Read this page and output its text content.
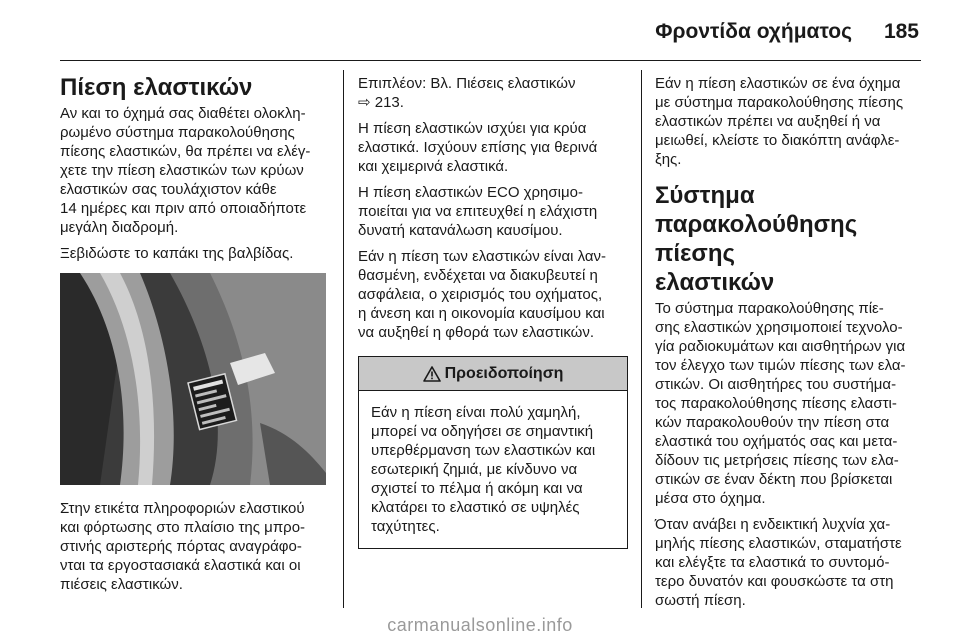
Φροντίδα οχήματος 185
Πίεση ελαστικών
Αν και το όχημά σας διαθέτει ολοκλη-
ρωμένο σύστημα παρακολούθησης
πίεσης ελαστικών, θα πρέπει να ελέγ-
χετε την πίεση ελαστικών των κρύων
ελαστικών σας τουλάχιστον κάθε
14 ημέρες και πριν από οποιαδήποτε
μεγάλη διαδρομή.
Ξεβιδώστε το καπάκι της βαλβίδας.
Στην ετικέτα πληροφοριών ελαστικού
και φόρτωσης στο πλαίσιο της μπρο-
στινής αριστερής πόρτας αναγράφο-
νται τα εργοστασιακά ελαστικά και οι
πιέσεις ελαστικών.
Επιπλέον: Βλ. Πιέσεις ελαστικών
⇨ 213.
Η πίεση ελαστικών ισχύει για κρύα
ελαστικά. Ισχύουν επίσης για θερινά
και χειμερινά ελαστικά.
Η πίεση ελαστικών ECO χρησιμο-
ποιείται για να επιτευχθεί η ελάχιστη
δυνατή κατανάλωση καυσίμου.
Εάν η πίεση των ελαστικών είναι λαν-
θασμένη, ενδέχεται να διακυβευτεί η
ασφάλεια, ο χειρισμός του οχήματος,
η άνεση και η οικονομία καυσίμου και
να αυξηθεί η φθορά των ελαστικών.
Προειδοποίηση
Εάν η πίεση είναι πολύ χαμηλή,
μπορεί να οδηγήσει σε σημαντική
υπερθέρμανση των ελαστικών και
εσωτερική ζημιά, με κίνδυνο να
σχιστεί το πέλμα ή ακόμη και να
κλατάρει το ελαστικό σε υψηλές
ταχύτητες.
Εάν η πίεση ελαστικών σε ένα όχημα
με σύστημα παρακολούθησης πίεσης
ελαστικών πρέπει να αυξηθεί ή να
μειωθεί, κλείστε το διακόπτη ανάφλε-
ξης.
Σύστημα
παρακολούθησης πίεσης
ελαστικών
Το σύστημα παρακολούθησης πίε-
σης ελαστικών χρησιμοποιεί τεχνολο-
γία ραδιοκυμάτων και αισθητήρων για
τον έλεγχο των τιμών πίεσης των ελα-
στικών. Οι αισθητήρες του συστήμα-
τος παρακολούθησης πίεσης ελαστι-
κών παρακολουθούν την πίεση στα
ελαστικά του οχήματός σας και μετα-
δίδουν τις μετρήσεις πίεσης των ελα-
στικών σε έναν δέκτη που βρίσκεται
μέσα στο όχημα.
Όταν ανάβει η ενδεικτική λυχνία χα-
μηλής πίεσης ελαστικών, σταματήστε
και ελέγξτε τα ελαστικά το συντομό-
τερο δυνατόν και φουσκώστε τα στη
σωστή πίεση.
carmanualsonline.info
